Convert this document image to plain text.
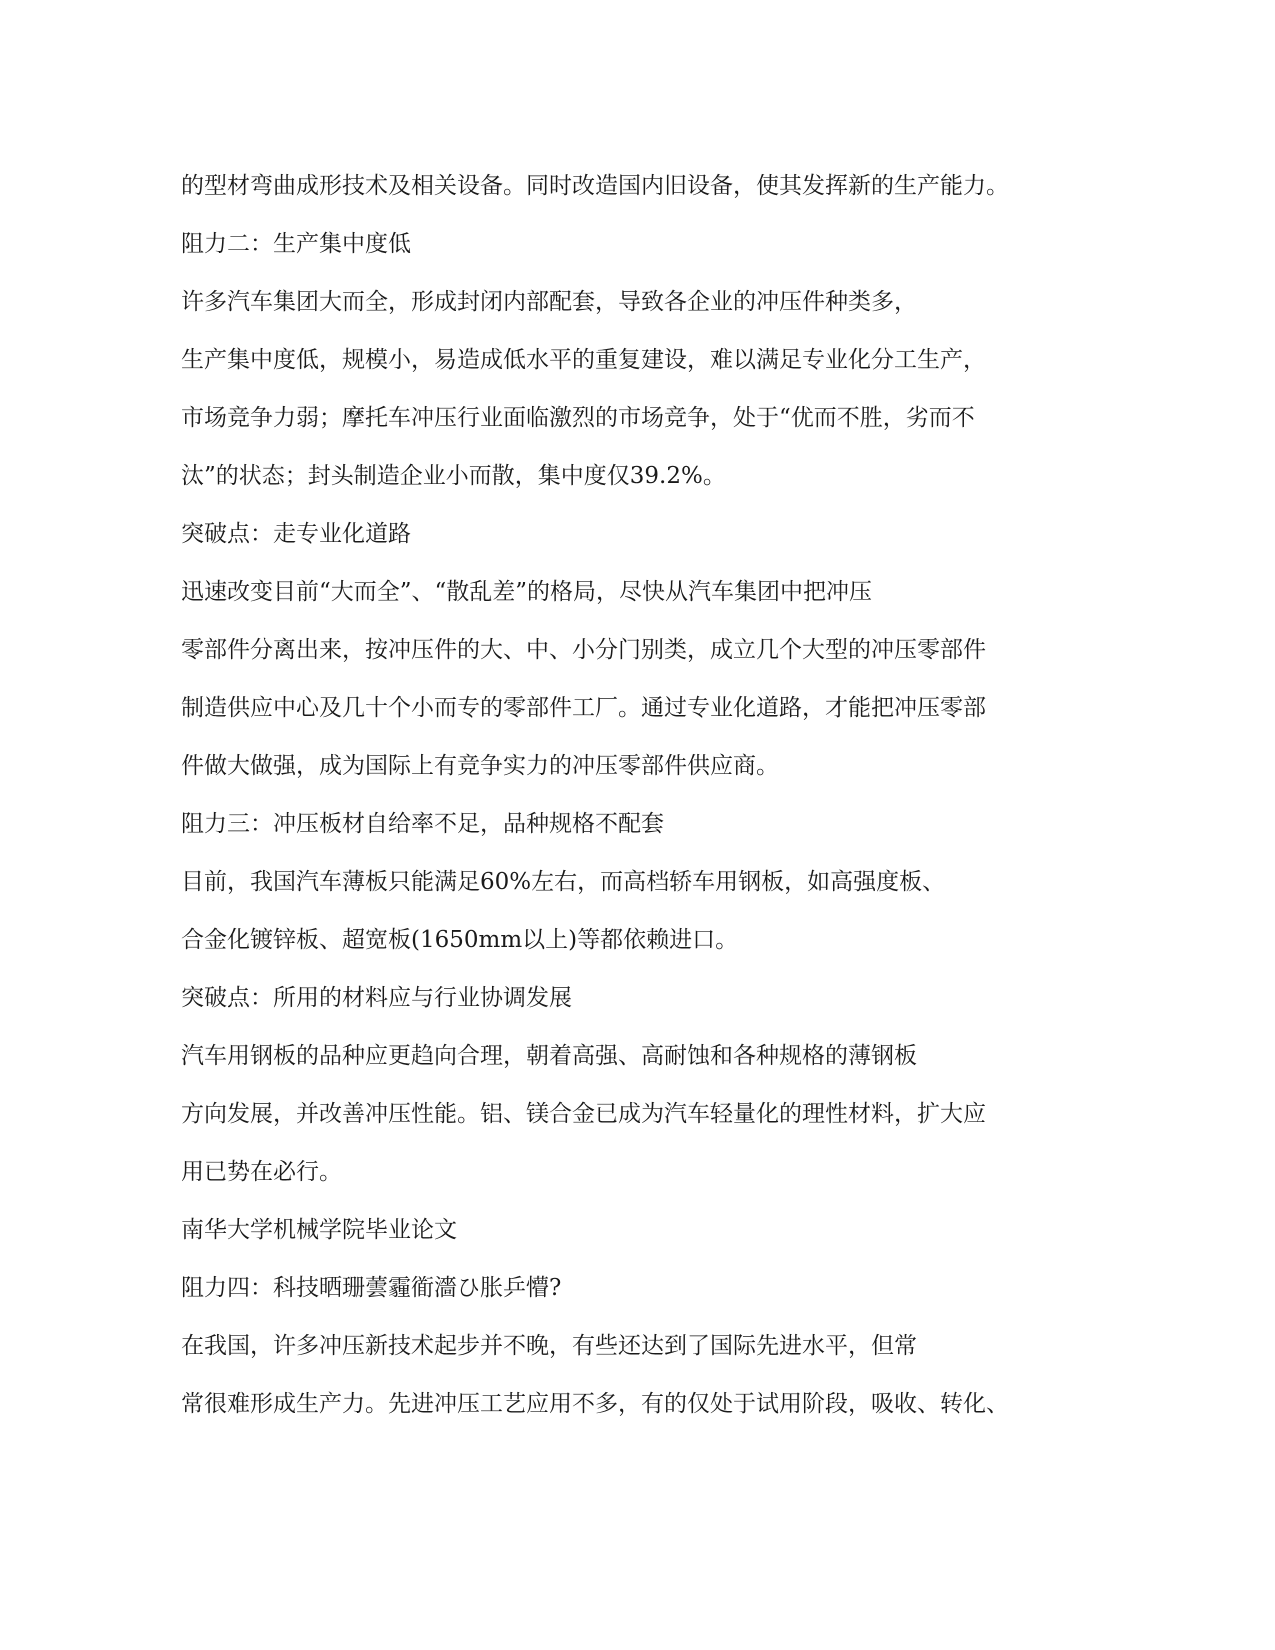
的型材弯曲成形技术及相关设备。同时改造国内旧设备，使其发挥新的生产能力。
阻力二：生产集中度低
许多汽车集团大而全，形成封闭内部配套，导致各企业的冲压件种类多，
生产集中度低，规模小，易造成低水平的重复建设，难以满足专业化分工生产，
市场竞争力弱；摩托车冲压行业面临激烈的市场竞争，处于“优而不胜，劣而不
汰”的状态；封头制造企业小而散，集中度仅39.2%。
突破点：走专业化道路
迅速改变目前“大而全”、“散乱差”的格局，尽快从汽车集团中把冲压
零部件分离出来，按冲压件的大、中、小分门别类，成立几个大型的冲压零部件
制造供应中心及几十个小而专的零部件工厂。通过专业化道路，才能把冲压零部
件做大做强，成为国际上有竞争实力的冲压零部件供应商。
阻力三：冲压板材自给率不足，品种规格不配套
目前，我国汽车薄板只能满足60%左右，而高档轿车用钢板，如高强度板、
合金化镀锌板、超宽板(1650mm以上)等都依赖进口。
突破点：所用的材料应与行业协调发展
汽车用钢板的品种应更趋向合理，朝着高强、高耐蚀和各种规格的薄钢板
方向发展，并改善冲压性能。铝、镁合金已成为汽车轻量化的理性材料，扩大应
用已势在必行。
南华大学机械学院毕业论文
阻力四：科技晒珊蕓霾衜濇ひ胀乒懵?
在我国，许多冲压新技术起步并不晚，有些还达到了国际先进水平，但常
常很难形成生产力。先进冲压工艺应用不多，有的仅处于试用阶段，吸收、转化、
